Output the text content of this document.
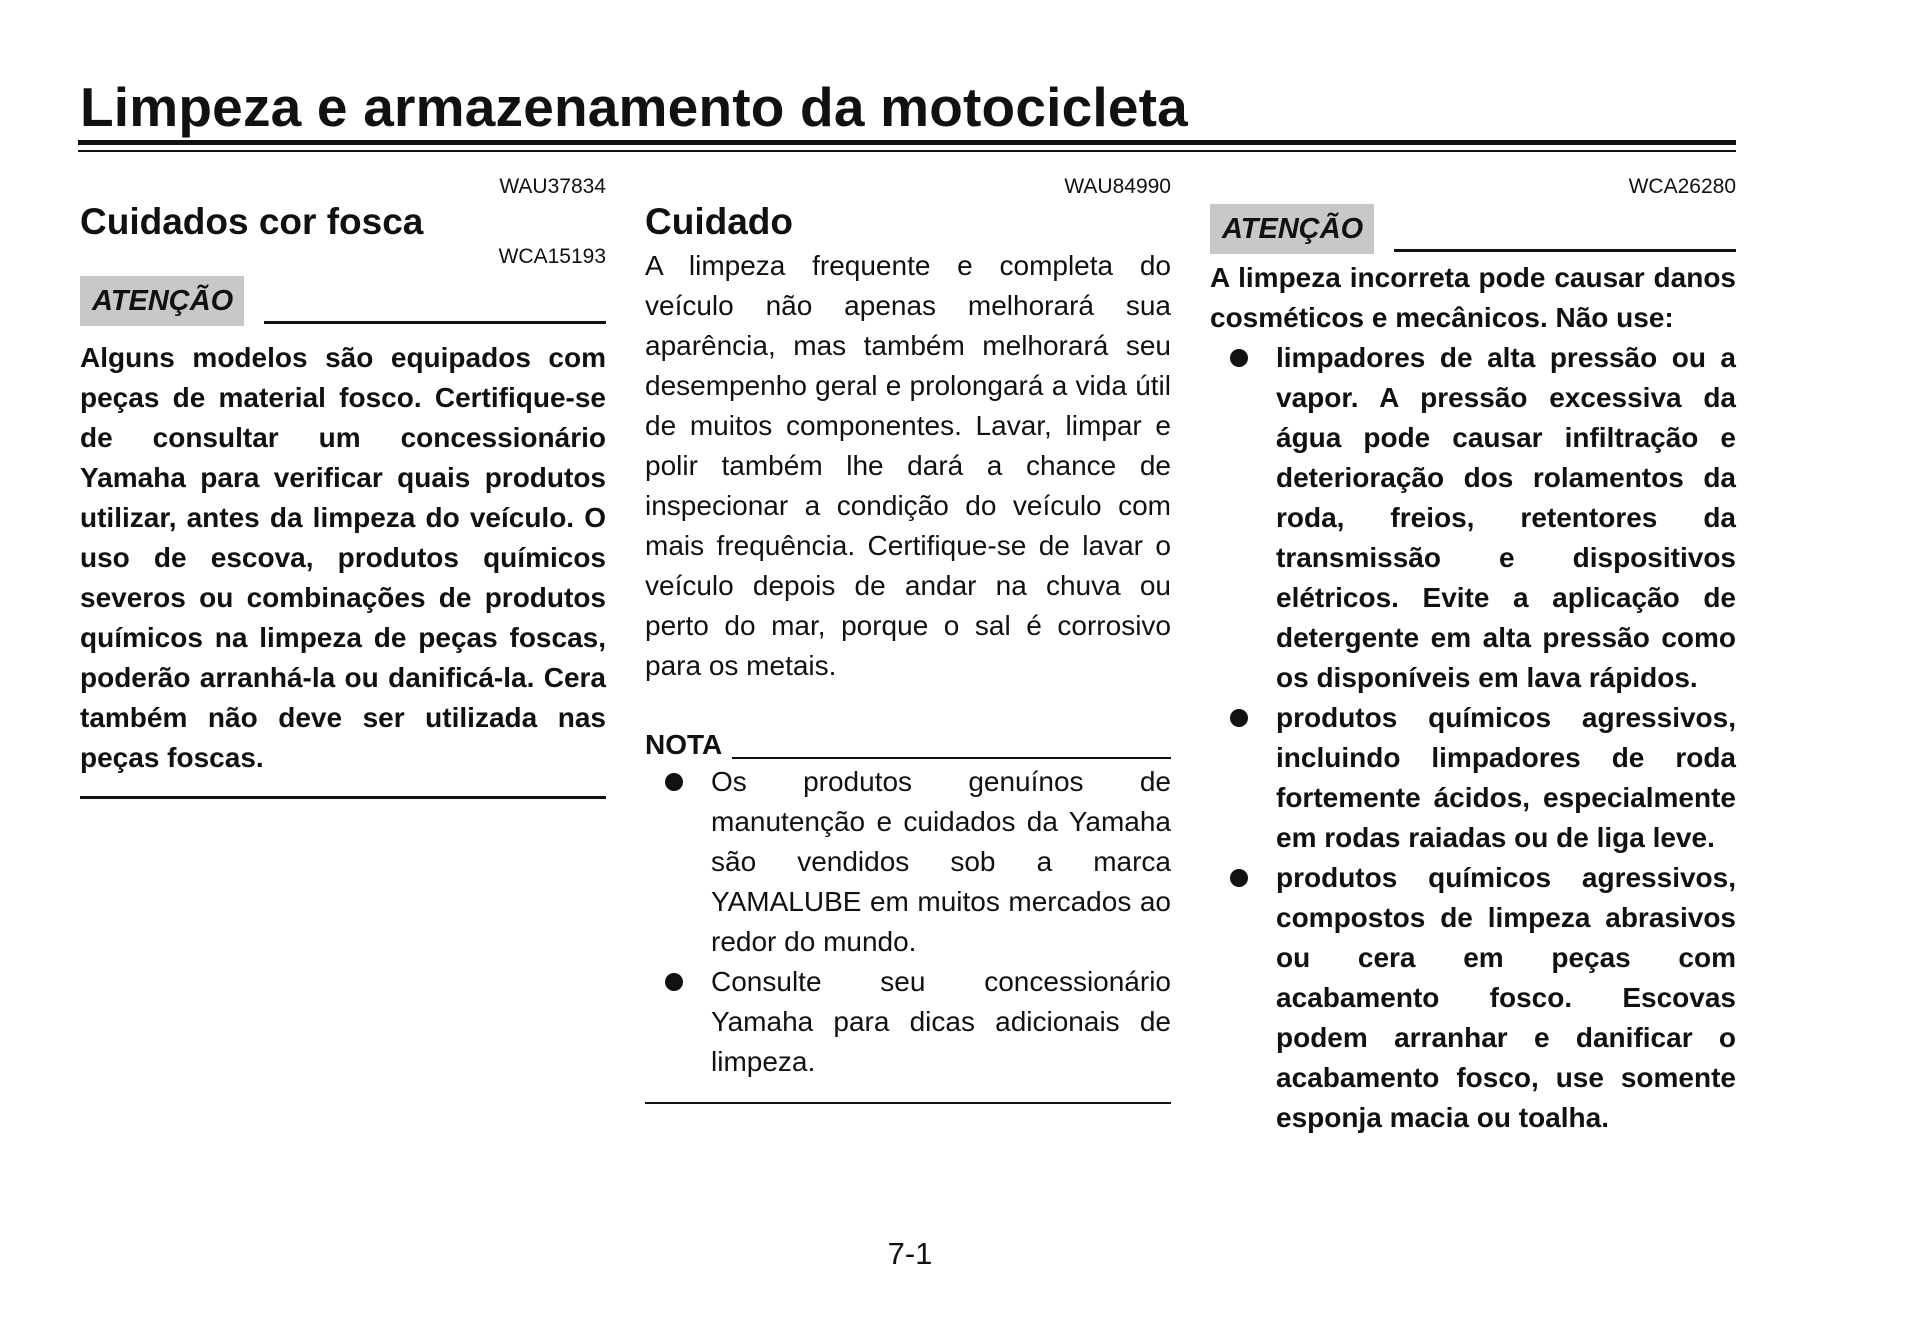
Limpeza e armazenamento da motocicleta
WAU37834
Cuidados cor fosca
WCA15193
ATENÇÃO

Alguns modelos são equipados com peças de material fosco. Certifique-se de consultar um concessionário Yamaha para verificar quais produtos utilizar, antes da limpeza do veículo. O uso de escova, produtos químicos severos ou combinações de produtos químicos na limpeza de peças foscas, poderão arranhá-la ou danificá-la. Cera também não deve ser utilizada nas peças foscas.

WAU84990
Cuidado

A limpeza frequente e completa do veículo não apenas melhorará sua aparência, mas também melhorará seu desempenho geral e prolongará a vida útil de muitos componentes. Lavar, limpar e polir também lhe dará a chance de inspecionar a condição do veículo com mais frequência. Certifique-se de lavar o veículo depois de andar na chuva ou perto do mar, porque o sal é corrosivo para os metais.

NOTA
Os produtos genuínos de manutenção e cuidados da Yamaha são vendidos sob a marca YAMALUBE em muitos mercados ao redor do mundo.
Consulte seu concessionário Yamaha para dicas adicionais de limpeza.
WCA26280
ATENÇÃO

A limpeza incorreta pode causar danos cosméticos e mecânicos. Não use:

limpadores de alta pressão ou a vapor. A pressão excessiva da água pode causar infiltração e deterioração dos rolamentos da roda, freios, retentores da transmissão e dispositivos elétricos. Evite a aplicação de detergente em alta pressão como os disponíveis em lava rápidos.
produtos químicos agressivos, incluindo limpadores de roda fortemente ácidos, especialmente em rodas raiadas ou de liga leve.
produtos químicos agressivos, compostos de limpeza abrasivos ou cera em peças com acabamento fosco. Escovas podem arranhar e danificar o acabamento fosco, use somente esponja macia ou toalha.
7-1
